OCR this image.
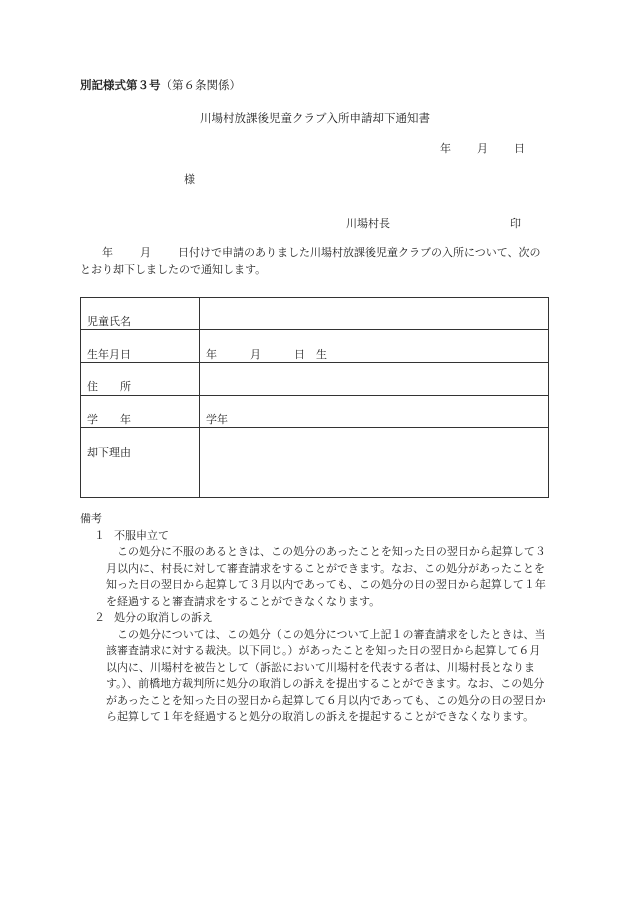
別記様式第３号（第６条関係）
川場村放課後児童クラブ入所申請却下通知書
年 月 日
様
川場村長	印
年 月 日付けで申請のありました川場村放課後児童クラブの入所について、次のとおり却下しましたので通知します。
児童氏名	
生年月日	年　　　月　　　日　生
住　　所	
学　　年	学年
却下理由	

備考

１ 不服申立て

この処分に不服のあるときは、この処分のあったことを知った日の翌日から起算して３月以内に、村長に対して審査請求をすることができます。なお、この処分があったことを知った日の翌日から起算して３月以内であっても、この処分の日の翌日から起算して１年を経過すると審査請求をすることができなくなります。

２ 処分の取消しの訴え

この処分については、この処分（この処分について上記１の審査請求をしたときは、当該審査請求に対する裁決。以下同じ。）があったことを知った日の翌日から起算して６月以内に、川場村を被告として（訴訟において川場村を代表する者は、川場村長となります。）、前橋地方裁判所に処分の取消しの訴えを提出することができます。なお、この処分があったことを知った日の翌日から起算して６月以内であっても、この処分の日の翌日から起算して１年を経過すると処分の取消しの訴えを提起することができなくなります。
